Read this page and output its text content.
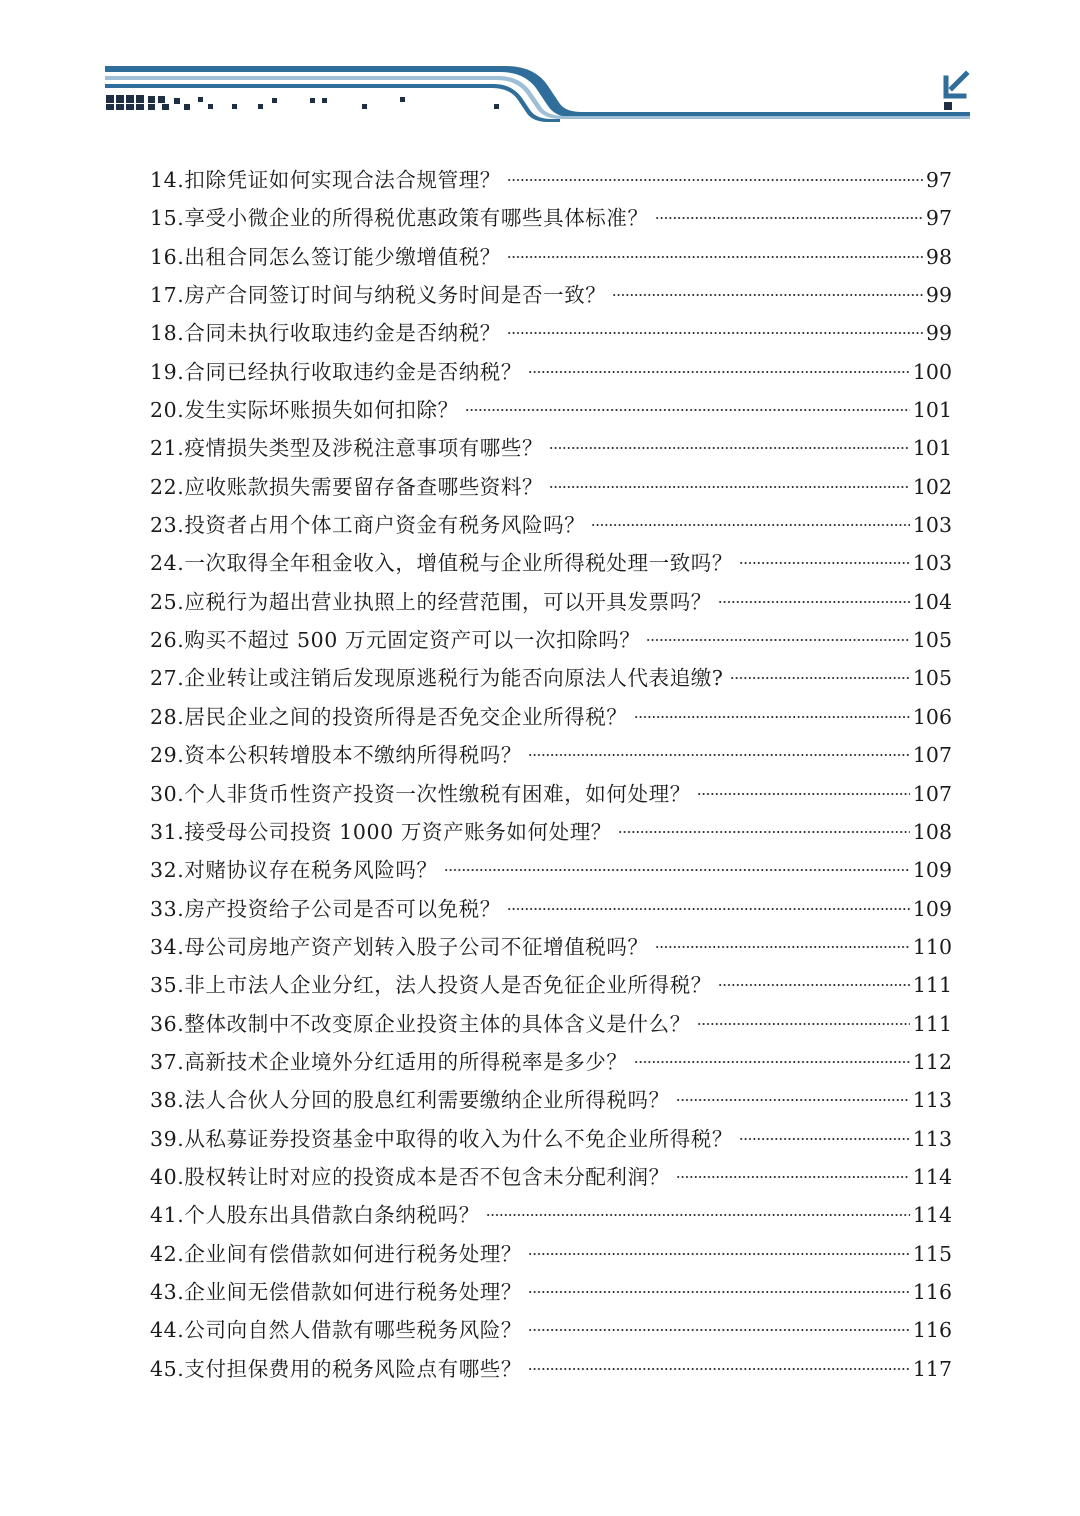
14.扣除凭证如何实现合法合规管理？	97
15.享受小微企业的所得税优惠政策有哪些具体标准？	97
16.出租合同怎么签订能少缴增值税？	98
17.房产合同签订时间与纳税义务时间是否一致？	99
18.合同未执行收取违约金是否纳税？	99
19.合同已经执行收取违约金是否纳税？	100
20.发生实际坏账损失如何扣除？	101
21.疫情损失类型及涉税注意事项有哪些？	101
22.应收账款损失需要留存备查哪些资料？	102
23.投资者占用个体工商户资金有税务风险吗？	103
24.一次取得全年租金收入，增值税与企业所得税处理一致吗？	103
25.应税行为超出营业执照上的经营范围，可以开具发票吗？	104
26.购买不超过 500 万元固定资产可以一次扣除吗？	105
27.企业转让或注销后发现原逃税行为能否向原法人代表追缴?	105
28.居民企业之间的投资所得是否免交企业所得税？	106
29.资本公积转增股本不缴纳所得税吗？	107
30.个人非货币性资产投资一次性缴税有困难，如何处理？	107
31.接受母公司投资 1000 万资产账务如何处理？	108
32.对赌协议存在税务风险吗？	109
33.房产投资给子公司是否可以免税？	109
34.母公司房地产资产划转入股子公司不征增值税吗？	110
35.非上市法人企业分红，法人投资人是否免征企业所得税？	111
36.整体改制中不改变原企业投资主体的具体含义是什么？	111
37.高新技术企业境外分红适用的所得税率是多少？	112
38.法人合伙人分回的股息红利需要缴纳企业所得税吗？	113
39.从私募证券投资基金中取得的收入为什么不免企业所得税？	113
40.股权转让时对应的投资成本是否不包含未分配利润？	114
41.个人股东出具借款白条纳税吗？	114
42.企业间有偿借款如何进行税务处理？	115
43.企业间无偿借款如何进行税务处理？	116
44.公司向自然人借款有哪些税务风险？	116
45.支付担保费用的税务风险点有哪些？	117
